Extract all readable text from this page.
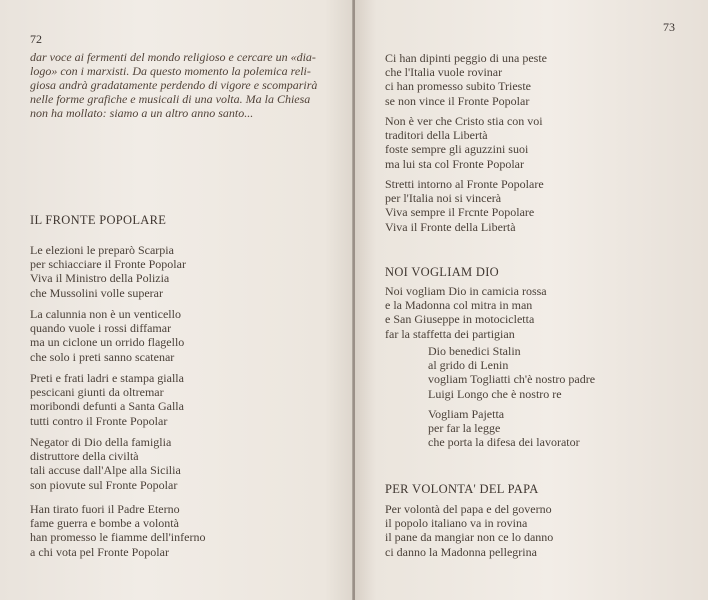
72
dar voce ai fermenti del mondo religioso e cercare un «dia-
logo» con i marxisti. Da questo momento la polemica reli-
giosa andrà gradatamente perdendo di vigore e scomparirà
nelle forme grafiche e musicali di una volta. Ma la Chiesa
non ha mollato: siamo a un altro anno santo...
IL FRONTE POPOLARE
Le elezioni le preparò Scarpia
per schiacciare il Fronte Popolar
Viva il Ministro della Polizia
che Mussolini volle superar
La calunnia non è un venticello
quando vuole i rossi diffamar
ma un ciclone un orrido flagello
che solo i preti sanno scatenar
Preti e frati ladri e stampa gialla
pescicani giunti da oltremar
moribondi defunti a Santa Galla
tutti contro il Fronte Popolar
Negator di Dio della famiglia
distruttore della civiltà
tali accuse dall'Alpe alla Sicilia
son piovute sul Fronte Popolar
Han tirato fuori il Padre Eterno
fame guerra e bombe a volontà
han promesso le fiamme dell'inferno
a chi vota pel Fronte Popolar
73
Ci han dipinti peggio di una peste
che l'Italia vuole rovinar
ci han promesso subito Trieste
se non vince il Fronte Popolar
Non è ver che Cristo stia con voi
traditori della Libertà
foste sempre gli aguzzini suoi
ma lui sta col Fronte Popolar
Stretti intorno al Fronte Popolare
per l'Italia noi si vincerà
Viva sempre il Frcnte Popolare
Viva il Fronte della Libertà
NOI VOGLIAM DIO
Noi vogliam Dio in camicia rossa
e la Madonna col mitra in man
e San Giuseppe in motocicletta
far la staffetta dei partigian
Dio benedici Stalin
al grido di Lenin
vogliam Togliatti ch'è nostro padre
Luigi Longo che è nostro re
Vogliam Pajetta
per far la legge
che porta la difesa dei lavorator
PER VOLONTA' DEL PAPA
Per volontà del papa e del governo
il popolo italiano va in rovina
il pane da mangiar non ce lo danno
ci danno la Madonna pellegrina
